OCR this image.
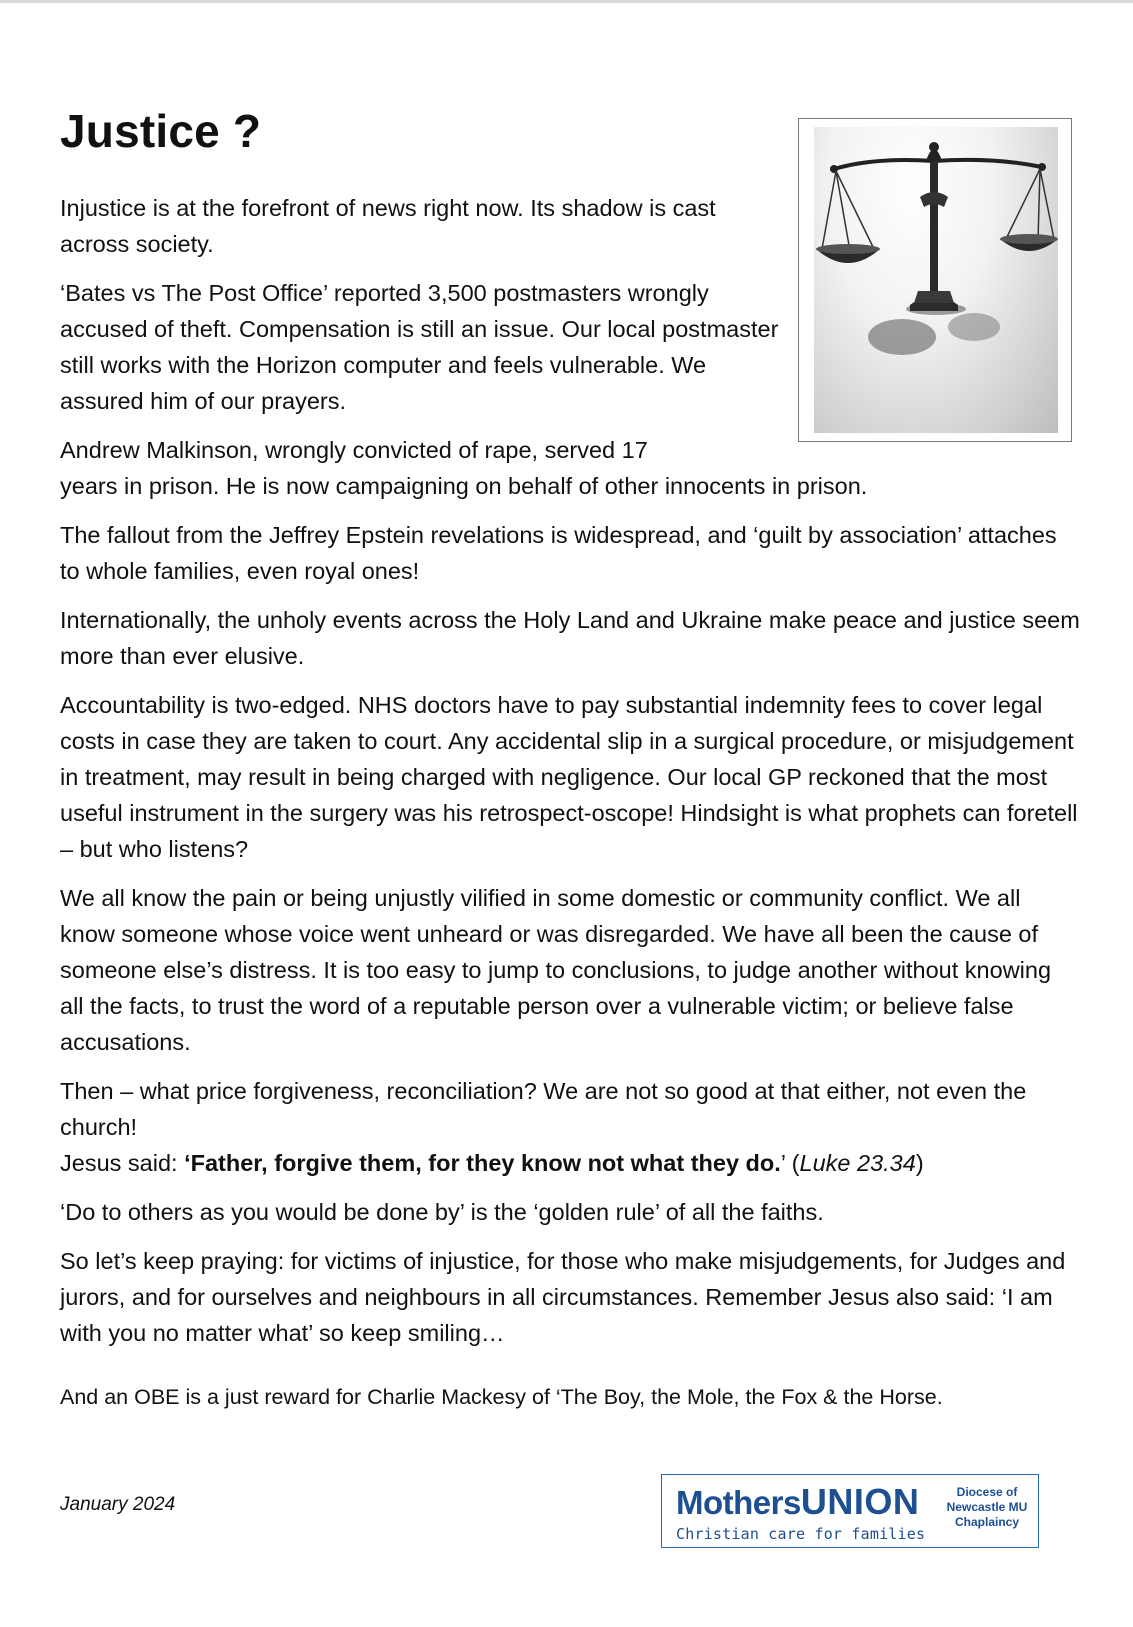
Justice ?

Injustice is at the forefront of news right now. Its shadow is cast across society.

‘Bates vs The Post Office’ reported 3,500 postmasters wrongly accused of theft. Compensation is still an issue. Our local postmaster still works with the Horizon computer and feels vulnerable. We assured him of our prayers.

Andrew Malkinson, wrongly convicted of rape, served 17
years in prison. He is now campaigning on behalf of other innocents in prison.

The fallout from the Jeffrey Epstein revelations is widespread, and ‘guilt by association’ attaches to whole families, even royal ones!

Internationally, the unholy events across the Holy Land and Ukraine make peace and justice seem more than ever elusive.

Accountability is two-edged. NHS doctors have to pay substantial indemnity fees to cover legal costs in case they are taken to court. Any accidental slip in a surgical procedure, or misjudgement in treatment, may result in being charged with negligence. Our local GP reckoned that the most useful instrument in the surgery was his retrospect-oscope! Hindsight is what prophets can foretell – but who listens?

We all know the pain or being unjustly vilified in some domestic or community conflict. We all know someone whose voice went unheard or was disregarded. We have all been the cause of someone else’s distress. It is too easy to jump to conclusions, to judge another without knowing all the facts, to trust the word of a reputable person over a vulnerable victim; or believe false accusations.

Then – what price forgiveness, reconciliation? We are not so good at that either, not even the church!
Jesus said: ‘Father, forgive them, for they know not what they do.’ (Luke 23.34)

‘Do to others as you would be done by’ is the ‘golden rule’ of all the faiths.

So let’s keep praying: for victims of injustice, for those who make misjudgements, for Judges and jurors, and for ourselves and neighbours in all circumstances. Remember Jesus also said: ‘I am with you no matter what’ so keep smiling…

And an OBE is a just reward for Charlie Mackesy of ‘The Boy, the Mole, the Fox & the Horse.

January 2024	MothersUNION
Christian care for families
Diocese of Newcastle MU Chaplaincy
